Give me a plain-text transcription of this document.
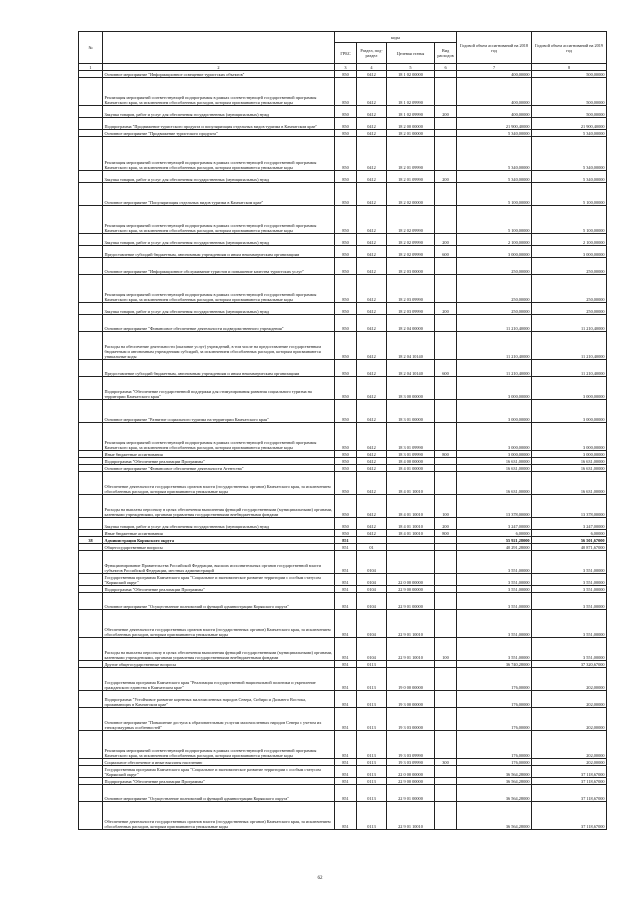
№		коды				Годовой объем ассигнований на 2018 год	Годовой объем ассигнований на 2019 год
		ГРБС	Раздел, под-раздел	Целевая статья	Вид расходов		
1	2	3	4	5	6	7	8
	Основное мероприятие "Информационное освещение туристских объектов"	850	0412	18 1 02 00000		400,00000	500,00000
	Реализация мероприятий соответствующей подпрограммы в рамках соответствующей государственной программы Камчатского края, за исключением обособленных расходов, которым присваиваются уникальные коды	850	0412	18 1 02 09990		400,00000	500,00000
	Закупка товаров, работ и услуг для обеспечения государственных (муниципальных) нужд	850	0412	18 1 02 09990	200	400,00000	500,00000
	Подпрограмма "Продвижение туристского продукта и популяризация отдельных видов туризма в Камчатском крае"	850	0412	18 2 00 00000		21 900,40000	21 900,40000
	Основное мероприятие "Продвижение туристского продукта"	850	0412	18 2 01 00000		5 340,00000	5 340,00000
	Реализация мероприятий соответствующей подпрограммы в рамках соответствующей государственной программы Камчатского края, за исключением обособленных расходов, которым присваиваются уникальные коды	850	0412	18 2 01 09990		5 340,00000	5 340,00000
	Закупка товаров, работ и услуг для обеспечения государственных (муниципальных) нужд	850	0412	18 2 01 09990	200	5 340,00000	5 340,00000
	Основное мероприятие "Популяризация отдельных видов туризма в Камчатском крае"	850	0412	18 2 02 00000		5 100,00000	5 100,00000
	Реализация мероприятий соответствующей подпрограммы в рамках соответствующей государственной программы Камчатского края, за исключением обособленных расходов, которым присваиваются уникальные коды	850	0412	18 2 02 09990		5 100,00000	5 100,00000
	Закупка товаров, работ и услуг для обеспечения государственных (муниципальных) нужд	850	0412	18 2 02 09990	200	2 100,00000	2 100,00000
	Предоставление субсидий бюджетным, автономным учреждениям и иным некоммерческим организациям	850	0412	18 2 02 09990	600	3 000,00000	3 000,00000
	Основное мероприятие "Информационное обслуживание туристов и повышение качества туристских услуг"	850	0412	18 2 03 00000		250,00000	250,00000
	Реализация мероприятий соответствующей подпрограммы в рамках соответствующей государственной программы Камчатского края, за исключением обособленных расходов, которым присваиваются уникальные коды	850	0412	18 2 03 09990		250,00000	250,00000
	Закупка товаров, работ и услуг для обеспечения государственных (муниципальных) нужд	850	0412	18 2 03 09990	200	250,00000	250,00000
	Основное мероприятие "Финансовое обеспечение деятельности подведомственного учреждения"	850	0412	18 2 04 00000		11 210,40000	11 210,40000
	Расходы на обеспечение деятельности (оказание услуг) учреждений, в том числе на предоставление государственным бюджетным и автономным учреждениям субсидий, за исключением обособленных расходов, которым присваиваются уникальные коды	850	0412	18 2 04 10140		11 210,40000	11 210,40000
	Предоставление субсидий бюджетным, автономным учреждениям и иным некоммерческим организациям	850	0412	18 2 04 10140	600	11 210,40000	11 210,40000
	Подпрограмма "Обеспечение государственной поддержки для стимулирования развития социального туризма на территории Камчатского края"	850	0412	18 3 00 00000		3 000,00000	3 000,00000
	Основное мероприятие "Развитие социального туризма на территории Камчатского края"	850	0412	18 3 01 00000		3 000,00000	3 000,00000
	Реализация мероприятий соответствующей подпрограммы в рамках соответствующей государственной программы Камчатского края, за исключением обособленных расходов, которым присваиваются уникальные коды	850	0412	18 3 01 09990		3 000,00000	3 000,00000
	Иные бюджетные ассигнования	850	0412	18 3 01 09990	800	3 000,00000	3 000,00000
	Подпрограмма "Обеспечение реализации Программы"	850	0412	18 4 00 00000		16 631,00000	16 631,00000
	Основное мероприятие "Финансовое обеспечение деятельности Агентства"	850	0412	18 4 01 00000		16 631,00000	16 631,00000
	Обеспечение деятельности государственных органов власти (государственных органов) Камчатского края, за исключением обособленных расходов, которым присваиваются уникальные коды	850	0412	18 4 01 10010		16 631,00000	16 631,00000
	Расходы на выплаты персоналу в целях обеспечения выполнения функций государственными (муниципальными) органами, казенными учреждениями, органами управления государственными внебюджетными фондами	850	0412	18 4 01 10010	100	13 378,00000	13 378,00000
	Закупка товаров, работ и услуг для обеспечения государственных (муниципальных) нужд	850	0412	18 4 01 10010	200	3 247,00000	3 247,00000
	Иные бюджетные ассигнования	850	0412	18 4 01 10010	800	6,00000	6,00000
38	Администрация Корякского округа	851				55 921,28000	56 501,67000
	Общегосударственные вопросы	851	01			40 291,28000	40 871,67000
	Функционирование Правительства Российской Федерации, высших исполнительных органов государственной власти субъектов Российской Федерации, местных администраций	851	0104			3 551,00000	3 551,00000
	Государственная программа Камчатского края "Социальное и экономическое развитие территории с особым статусом "Корякский округ"	851	0104	22 0 00 00000		3 551,00000	3 551,00000
	Подпрограмма "Обеспечение реализации Программы"	851	0104	22 9 00 00000		3 551,00000	3 551,00000
	Основное мероприятие "Осуществление полномочий и функций администрации Корякского округа"	851	0104	22 9 01 00000		3 551,00000	3 551,00000
	Обеспечение деятельности государственных органов власти (государственных органов) Камчатского края, за исключением обособленных расходов, которым присваиваются уникальные коды	851	0104	22 9 01 10010		3 551,00000	3 551,00000
	Расходы на выплаты персоналу в целях обеспечения выполнения функций государственными (муниципальными) органами, казенными учреждениями, органами управления государственными внебюджетными фондами	851	0104	22 9 01 10010	100	3 551,00000	3 551,00000
	Другие общегосударственные вопросы	851	0113			36 740,28000	37 320,67000
	Государственная программа Камчатского края "Реализация государственной национальной политики и укрепление гражданского единства в Камчатском крае"	851	0113	19 0 00 00000		176,00000	202,00000
	Подпрограмма "Устойчивое развитие коренных малочисленных народов Севера, Сибири и Дальнего Востока, проживающих в Камчатском крае"	851	0113	19 3 00 00000		176,00000	202,00000
	Основное мероприятие "Повышение доступа к образовательным услугам малочисленных народов Севера с учетом их этнокультурных особенностей"	851	0113	19 3 03 00000		176,00000	202,00000
	Реализация мероприятий соответствующей подпрограммы в рамках соответствующей государственной программы Камчатского края, за исключением обособленных расходов, которым присваиваются уникальные коды	851	0113	19 3 03 09990		176,00000	202,00000
	Социальное обеспечение и иные выплаты населению	851	0113	19 3 03 09990	300	176,00000	202,00000
	Государственная программа Камчатского края "Социальное и экономическое развитие территории с особым статусом "Корякский округ"	851	0113	22 0 00 00000		36 564,28000	37 118,67000
	Подпрограмма "Обеспечение реализации Программы"	851	0113	22 9 00 00000		36 564,28000	37 118,67000
	Основное мероприятие "Осуществление полномочий и функций администрации Корякского округа"	851	0113	22 9 01 00000		36 564,28000	37 118,67000
	Обеспечение деятельности государственных органов власти (государственных органов) Камчатского края, за исключением обособленных расходов, которым присваиваются уникальные коды	851	0113	22 9 01 10010		36 564,28000	37 118,67000
62
